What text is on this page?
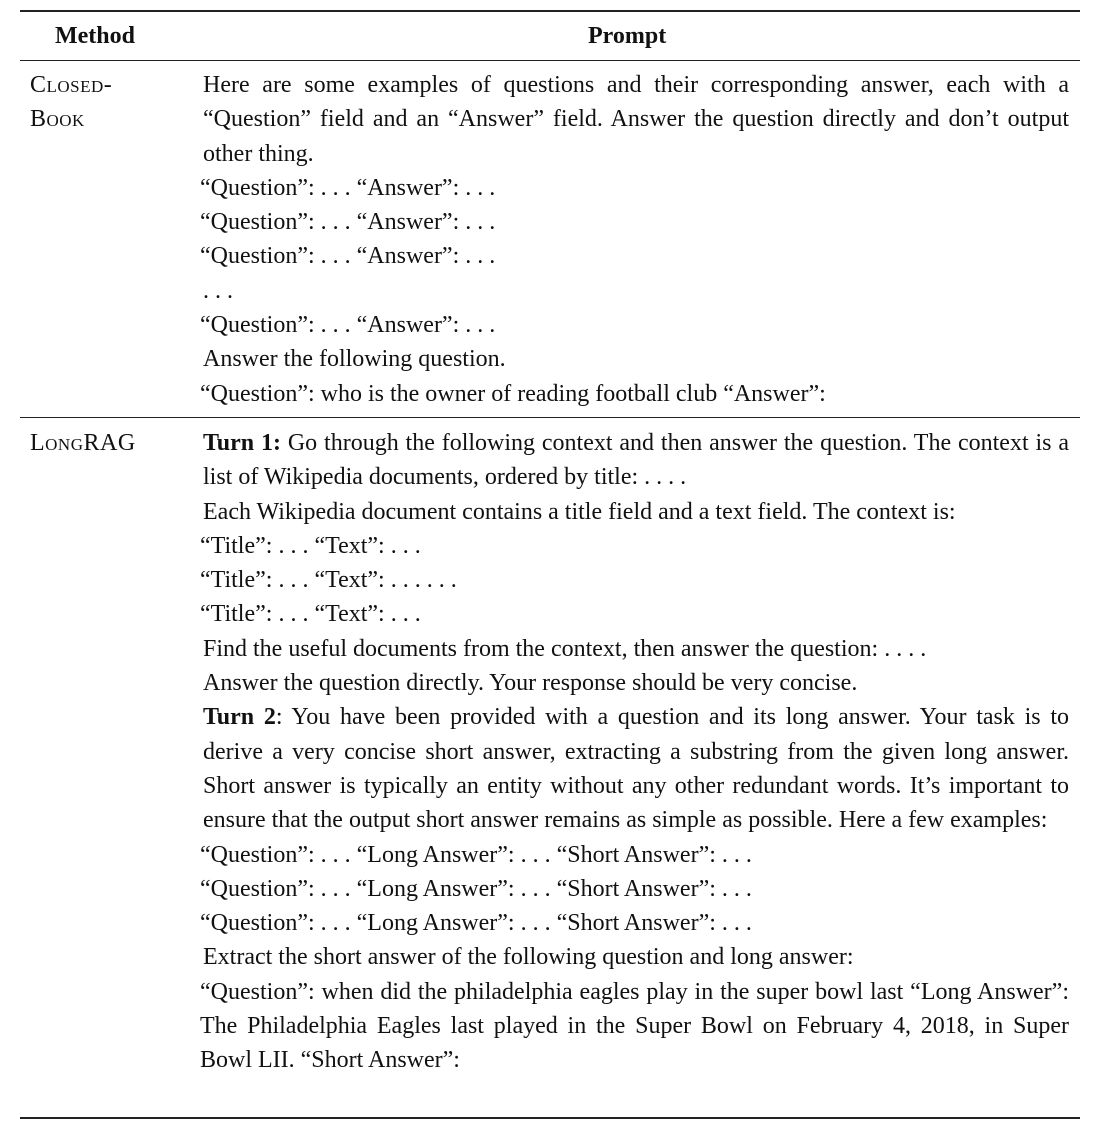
Method	Prompt
Closed-
Book
Here are some examples of questions and their corresponding answer, each with a “Question” field and an “Answer” field. Answer the question directly and don’t output other thing.
“Question”: . . . “Answer”: . . .
“Question”: . . . “Answer”: . . .
“Question”: . . . “Answer”: . . .
. . .
“Question”: . . . “Answer”: . . .
Answer the following question.
“Question”: who is the owner of reading football club “Answer”:
LongRAG	Turn 1: Go through the following context and then answer the question. The context is a list of Wikipedia documents, ordered by title: . . . .
Each Wikipedia document contains a title field and a text field. The context is:
“Title”: . . . “Text”: . . .
“Title”: . . . “Text”: . . . . . .
“Title”: . . . “Text”: . . .
Find the useful documents from the context, then answer the question: . . . .
Answer the question directly. Your response should be very concise.
Turn 2: You have been provided with a question and its long answer. Your task is to derive a very concise short answer, extracting a substring from the given long answer. Short answer is typically an entity without any other redundant words. It’s important to ensure that the output short answer remains as simple as possible. Here a few examples:
“Question”: . . . “Long Answer”: . . . “Short Answer”: . . .
“Question”: . . . “Long Answer”: . . . “Short Answer”: . . .
“Question”: . . . “Long Answer”: . . . “Short Answer”: . . .
Extract the short answer of the following question and long answer:
“Question”: when did the philadelphia eagles play in the super bowl last “Long Answer”: The Philadelphia Eagles last played in the Super Bowl on February 4, 2018, in Super Bowl LII. “Short Answer”:
